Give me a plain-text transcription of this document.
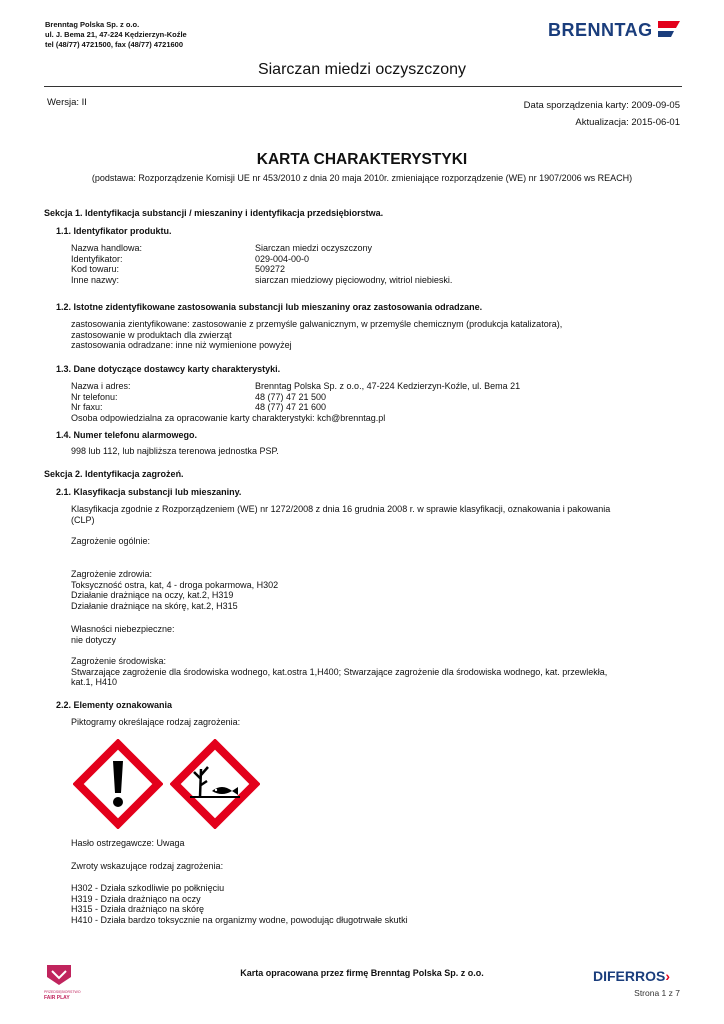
Brenntag Polska Sp. z o.o.
ul. J. Bema 21, 47-224 Kędzierzyn-Koźle
tel (48/77) 4721500, fax (48/77) 4721600
BRENNTAG
Siarczan miedzi oczyszczony
Wersja: II	Data sporządzenia karty: 2009-09-05
Aktualizacja: 2015-06-01
KARTA CHARAKTERYSTYKI
(podstawa: Rozporządzenie Komisji UE nr 453/2010 z dnia 20 maja 2010r. zmieniające rozporządzenie (WE) nr 1907/2006 ws REACH)
Sekcja 1. Identyfikacja substancji / mieszaniny i identyfikacja przedsiębiorstwa.
1.1. Identyfikator produktu.
Nazwa handlowa:
Identyfikator:
Kod towaru:
Inne nazwy:
Siarczan miedzi oczyszczony
029-004-00-0
509272
siarczan miedziowy pięciowodny, witriol niebieski.
1.2. Istotne zidentyfikowane zastosowania substancji lub mieszaniny oraz zastosowania odradzane.
zastosowania zientyfikowane: zastosowanie z przemyśle galwanicznym, w przemyśle chemicznym (produkcja katalizatora),
zastosowanie w produktach dla zwierząt
zastosowania odradzane: inne niż wymienione powyżej
1.3. Dane dotyczące dostawcy karty charakterystyki.
Nazwa i adres:
Nr telefonu:
Nr faxu:
Osoba odpowiedzialna za opracowanie karty charakterystyki: kch@brenntag.pl
Brenntag Polska Sp. z o.o., 47-224 Kedzierzyn-Koźle, ul. Bema 21
48 (77) 47 21 500
48 (77) 47 21 600
1.4. Numer telefonu alarmowego.
998 lub 112, lub najbliższa terenowa jednostka PSP.
Sekcja 2. Identyfikacja zagrożeń.
2.1. Klasyfikacja substancji lub mieszaniny.
Klasyfikacja zgodnie z Rozporządzeniem (WE) nr 1272/2008 z dnia 16 grudnia 2008 r. w sprawie klasyfikacji, oznakowania i pakowania
(CLP)
Zagrożenie ogólnie:
Zagrożenie zdrowia:
Toksyczność ostra, kat, 4 - droga pokarmowa, H302
Działanie drażniące na oczy, kat.2, H319
Działanie drażniące na skórę, kat.2, H315
Własności niebezpieczne:
nie dotyczy
Zagrożenie środowiska:
Stwarzające zagrożenie dla środowiska wodnego, kat.ostra 1,H400; Stwarzające zagrożenie dla środowiska wodnego, kat. przewlekła,
kat.1, H410
2.2. Elementy oznakowania
Piktogramy określające rodzaj zagrożenia:
Hasło ostrzegawcze: Uwaga
Zwroty wskazujące rodzaj zagrożenia:
H302 - Działa szkodliwie po połknięciu
H319 - Działa drażniąco na oczy
H315 - Działa drażniąco na skórę
H410 - Działa bardzo toksycznie na organizmy wodne, powodując długotrwałe skutki
PRZEDSIĘBIORSTWO
FAIR PLAY
Karta opracowana przez firmę Brenntag Polska Sp. z o.o.	DIFERROS›
Strona 1 z 7
